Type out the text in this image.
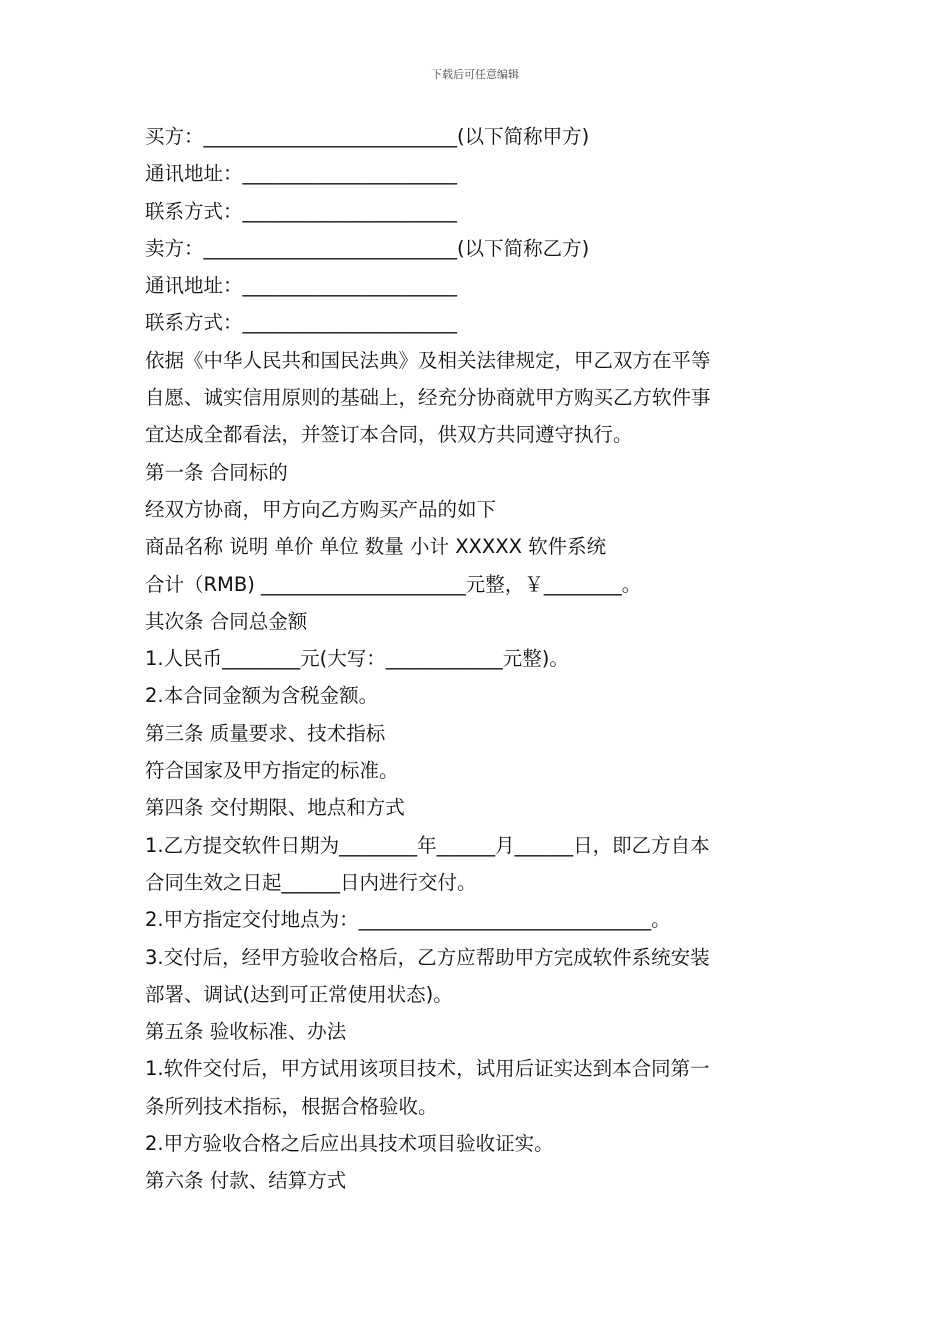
下载后可任意编辑
买方：__________________________(以下简称甲方)
通讯地址：______________________
联系方式：______________________
卖方：__________________________(以下简称乙方)
通讯地址：______________________
联系方式：______________________
依据《中华人民共和国民法典》及相关法律规定，甲乙双方在平等
自愿、诚实信用原则的基础上，经充分协商就甲方购买乙方软件事
宜达成全都看法，并签订本合同，供双方共同遵守执行。
第一条 合同标的
经双方协商，甲方向乙方购买产品的如下
商品名称 说明 单价 单位 数量 小计 XXXXX 软件系统
合计（RMB) _____________________元整，￥________。
其次条 合同总金额
1.人民币________元(大写：____________元整)。
2.本合同金额为含税金额。
第三条 质量要求、技术指标
符合国家及甲方指定的标准。
第四条 交付期限、地点和方式
1.乙方提交软件日期为________年______月______日，即乙方自本
合同生效之日起______日内进行交付。
2.甲方指定交付地点为：______________________________。
3.交付后，经甲方验收合格后，乙方应帮助甲方完成软件系统安装
部署、调试(达到可正常使用状态)。
第五条 验收标准、办法
1.软件交付后，甲方试用该项目技术，试用后证实达到本合同第一
条所列技术指标，根据合格验收。
2.甲方验收合格之后应出具技术项目验收证实。
第六条 付款、结算方式
